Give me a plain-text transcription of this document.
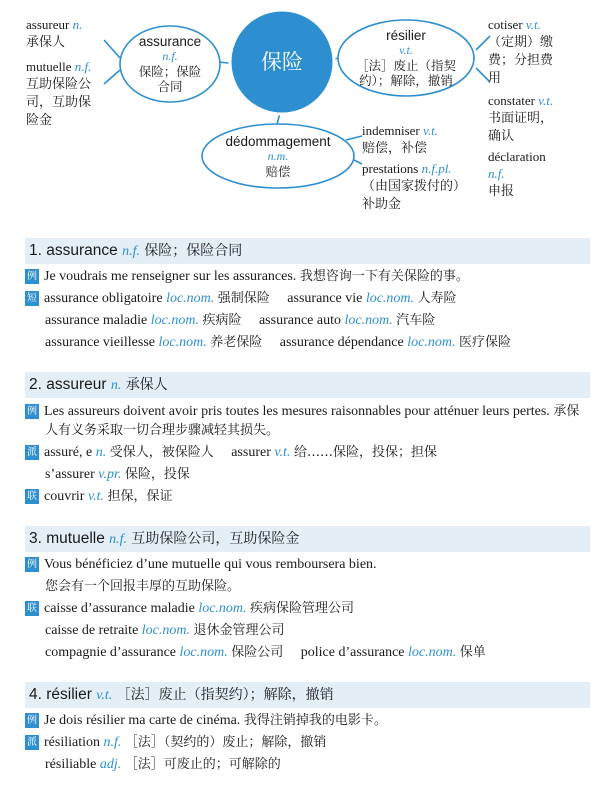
保险
assurance
n.f.
保险；保险
合同
résilier
v.t.
［法］废止（指契
约）；解除，撤销
dédommagement
n.m.
赔偿
assureur n.
承保人
mutuelle n.f.
互助保险公
司，互助保
险金
cotiser v.t.
（定期）缴
费；分担费
用
constater v.t.
书面证明，
确认
déclaration
n.f.
申报
indemniser v.t.
赔偿，补偿
prestations n.f.pl.
（由国家拨付的）
补助金
1. assurance n.f. 保险；保险合同
例 Je voudrais me renseigner sur les assurances. 我想咨询一下有关保险的事。
短 assurance obligatoire loc.nom. 强制保险 assurance vie loc.nom. 人寿险
assurance maladie loc.nom. 疾病险 assurance auto loc.nom. 汽车险
assurance vieillesse loc.nom. 养老保险 assurance dépendance loc.nom. 医疗保险
2. assureur n. 承保人
例 Les assureurs doivent avoir pris toutes les mesures raisonnables pour atténuer leurs pertes. 承保人有义务采取一切合理步骤减轻其损失。
派 assuré, e n. 受保人，被保险人 assurer v.t. 给……保险，投保；担保
s’assurer v.pr. 保险，投保
联 couvrir v.t. 担保，保证
3. mutuelle n.f. 互助保险公司，互助保险金
例 Vous bénéficiez d’une mutuelle qui vous remboursera bien.
您会有一个回报丰厚的互助保险。
联 caisse d’assurance maladie loc.nom. 疾病保险管理公司
caisse de retraite loc.nom. 退休金管理公司
compagnie d’assurance loc.nom. 保险公司 police d’assurance loc.nom. 保单
4. résilier v.t. ［法］废止（指契约）；解除，撤销
例 Je dois résilier ma carte de cinéma. 我得注销掉我的电影卡。
派 résiliation n.f. ［法］（契约的）废止；解除，撤销
résiliable adj. ［法］可废止的；可解除的
